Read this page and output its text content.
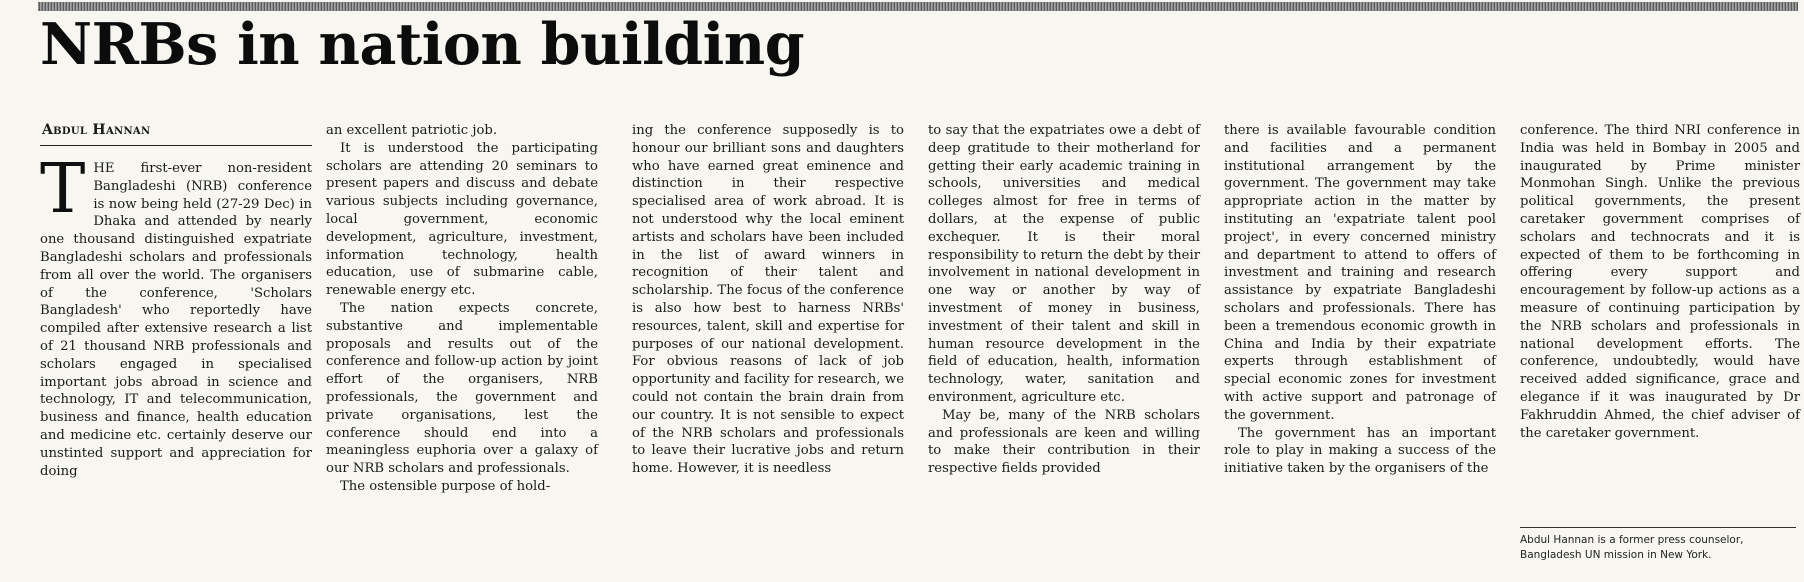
NRBs in nation building
Abdul Hannan

THE first-ever non-resident Bangladeshi (NRB) conference is now being held (27-29 Dec) in Dhaka and attended by nearly one thousand distinguished expatriate Bangladeshi scholars and professionals from all over the world. The organisers of the conference, 'Scholars Bangladesh' who reportedly have compiled after extensive research a list of 21 thousand NRB professionals and scholars engaged in specialised important jobs abroad in science and technology, IT and telecommunication, business and finance, health education and medicine etc. certainly deserve our unstinted support and appreciation for doing

an excellent patriotic job.

It is understood the participating scholars are attending 20 seminars to present papers and discuss and debate various subjects including governance, local government, economic development, agriculture, investment, information technology, health education, use of submarine cable, renewable energy etc.

The nation expects concrete, substantive and implementable proposals and results out of the conference and follow-up action by joint effort of the organisers, NRB professionals, the government and private organisations, lest the conference should end into a meaningless euphoria over a galaxy of our NRB scholars and professionals.

The ostensible purpose of hold-

ing the conference supposedly is to honour our brilliant sons and daughters who have earned great eminence and distinction in their respective specialised area of work abroad. It is not understood why the local eminent artists and scholars have been included in the list of award winners in recognition of their talent and scholarship. The focus of the conference is also how best to harness NRBs' resources, talent, skill and expertise for purposes of our national development. For obvious reasons of lack of job opportunity and facility for research, we could not contain the brain drain from our country. It is not sensible to expect of the NRB scholars and professionals to leave their lucrative jobs and return home. However, it is needless

to say that the expatriates owe a debt of deep gratitude to their motherland for getting their early academic training in schools, universities and medical colleges almost for free in terms of dollars, at the expense of public exchequer. It is their moral responsibility to return the debt by their involvement in national development in one way or another by way of investment of money in business, investment of their talent and skill in human resource development in the field of education, health, information technology, water, sanitation and environment, agriculture etc.

May be, many of the NRB scholars and professionals are keen and willing to make their contribution in their respective fields provided

there is available favourable condition and facilities and a permanent institutional arrangement by the government. The government may take appropriate action in the matter by instituting an 'expatriate talent pool project', in every concerned ministry and department to attend to offers of investment and training and research assistance by expatriate Bangladeshi scholars and professionals. There has been a tremendous economic growth in China and India by their expatriate experts through establishment of special economic zones for investment with active support and patronage of the government.

The government has an important role to play in making a success of the initiative taken by the organisers of the

conference. The third NRI conference in India was held in Bombay in 2005 and inaugurated by Prime minister Monmohan Singh. Unlike the previous political governments, the present caretaker government comprises of scholars and technocrats and it is expected of them to be forthcoming in offering every support and encouragement by follow-up actions as a measure of continuing participation by the NRB scholars and professionals in national development efforts. The conference, undoubtedly, would have received added significance, grace and elegance if it was inaugurated by Dr Fakhruddin Ahmed, the chief adviser of the caretaker government.

Abdul Hannan is a former press counselor, Bangladesh UN mission in New York.
